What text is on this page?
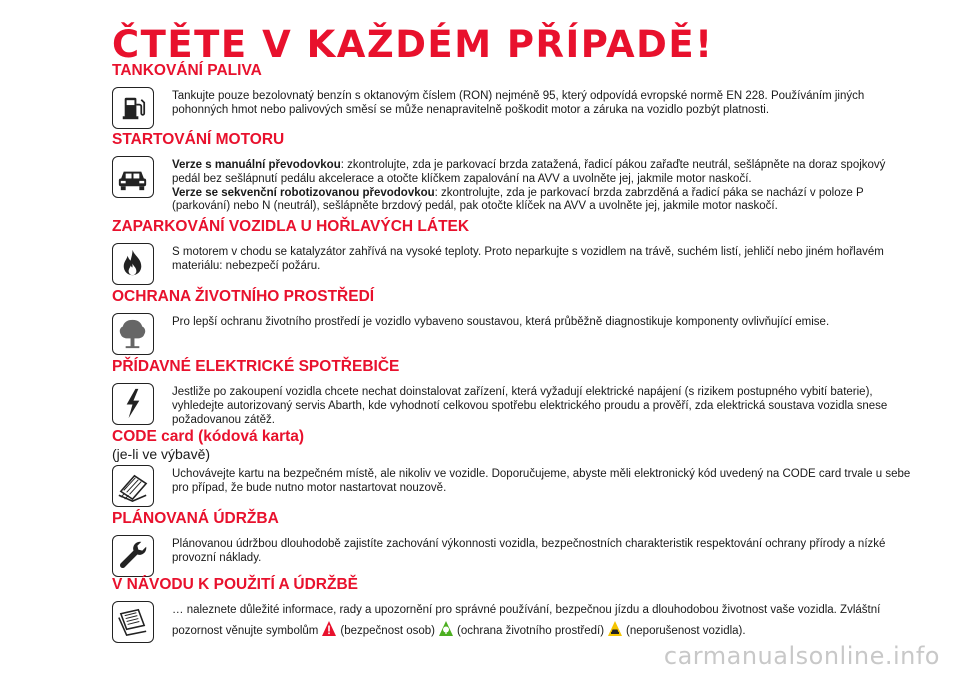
ČTĚTE V KAŽDÉM PŘÍPADĚ!
TANKOVÁNÍ PALIVA

Tankujte pouze bezolovnatý benzín s oktanovým číslem (RON) nejméně 95, který odpovídá evropské normě EN 228. Používáním jiných pohonných hmot nebo palivových směsí se může nenapravitelně poškodit motor a záruka na vozidlo pozbýt platnosti.

STARTOVÁNÍ MOTORU

Verze s manuální převodovkou: zkontrolujte, zda je parkovací brzda zatažená, řadicí pákou zařaďte neutrál, sešlápněte na doraz spojkový pedál bez sešlápnutí pedálu akcelerace a otočte klíčkem zapalování na AVV a uvolněte jej, jakmile motor naskočí.
Verze se sekvenční robotizovanou převodovkou: zkontrolujte, zda je parkovací brzda zabrzděná a řadicí páka se nachází v poloze P (parkování) nebo N (neutrál), sešlápněte brzdový pedál, pak otočte klíček na AVV a uvolněte jej, jakmile motor naskočí.

ZAPARKOVÁNÍ VOZIDLA U HOŘLAVÝCH LÁTEK

S motorem v chodu se katalyzátor zahřívá na vysoké teploty. Proto neparkujte s vozidlem na trávě, suchém listí, jehličí nebo jiném hořlavém materiálu: nebezpečí požáru.

OCHRANA ŽIVOTNÍHO PROSTŘEDÍ

Pro lepší ochranu životního prostředí je vozidlo vybaveno soustavou, která průběžně diagnostikuje komponenty ovlivňující emise.

PŘÍDAVNÉ ELEKTRICKÉ SPOTŘEBIČE

Jestliže po zakoupení vozidla chcete nechat doinstalovat zařízení, která vyžadují elektrické napájení (s rizikem postupného vybití baterie), vyhledejte autorizovaný servis Abarth, kde vyhodnotí celkovou spotřebu elektrického proudu a prověří, zda elektrická soustava vozidla snese požadovanou zátěž.

CODE card (kódová karta)

(je-li ve výbavě)

Uchovávejte kartu na bezpečném místě, ale nikoliv ve vozidle. Doporučujeme, abyste měli elektronický kód uvedený na CODE card trvale u sebe pro případ, že bude nutno motor nastartovat nouzově.

PLÁNOVANÁ ÚDRŽBA

Plánovanou údržbou dlouhodobě zajistíte zachování výkonnosti vozidla, bezpečnostních charakteristik respektování ochrany přírody a nízké provozní náklady.

V NÁVODU K POUŽITÍ A ÚDRŽBĚ

… naleznete důležité informace, rady a upozornění pro správné používání, bezpečnou jízdu a dlouhodobou životnost vaše vozidla. Zvláštní
pozornost věnujte symbolům (bezpečnost osob) (ochrana životního prostředí) (neporušenost vozidla).

carmanualsonline.info
